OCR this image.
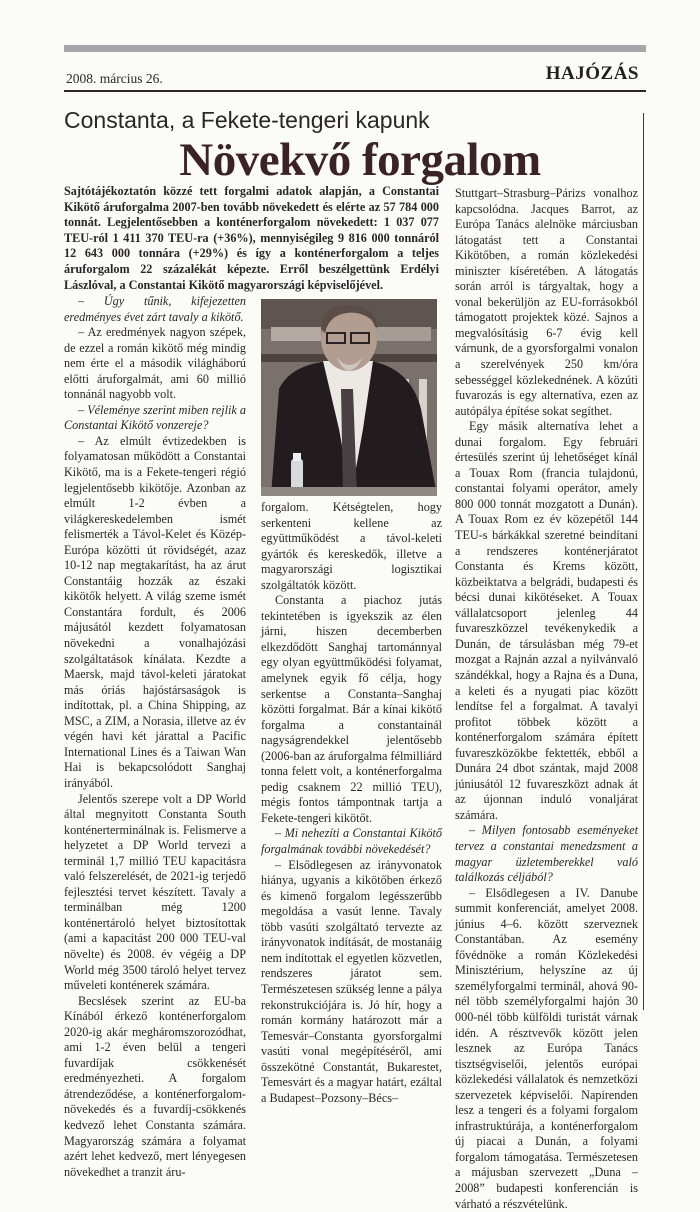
2008. március 26.	HAJÓZÁS
Constanta, a Fekete-tengeri kapunk
Növekvő forgalom
Sajtótájékoztatón közzé tett forgalmi adatok alapján, a Constantai Kikötő áruforgalma 2007-ben tovább növekedett és elérte az 57 784 000 tonnát. Legjelentősebben a konténerforgalom növekedett: 1 037 077 TEU-ról 1 411 370 TEU-ra (+36%), mennyiségileg 9 816 000 tonnáról 12 643 000 tonnára (+29%) és így a konténerforgalom a teljes áruforgalom 22 százalékát képezte. Erről beszélgettünk Erdélyi Lászlóval, a Constantai Kikötő magyarországi képviselőjével.

– Úgy tűnik, kifejezetten eredményes évet zárt tavaly a kikötő.

– Az eredmények nagyon szépek, de ezzel a román kikötő még mindig nem érte el a második világháború előtti áruforgalmát, ami 60 millió tonnánál nagyobb volt.

– Véleménye szerint miben rejlik a Constantai Kikötő vonzereje?

– Az elmúlt évtizedekben is folyamatosan működött a Constantai Kikötő, ma is a Fekete-tengeri régió legjelentősebb kikötője. Azonban az elmúlt 1-2 évben a világkereskedelemben ismét felismerték a Távol-Kelet és Közép-Európa közötti út rövidségét, azaz 10-12 nap megtakarítást, ha az árut Constantáig hozzák az északi kikötők helyett. A világ szeme ismét Constantára fordult, és 2006 májusától kezdett folyamatosan növekedni a vonalhajózási szolgáltatások kínálata. Kezdte a Maersk, majd távol-keleti járatokat más óriás hajóstársaságok is indítottak, pl. a China Shipping, az MSC, a ZIM, a Norasia, illetve az év végén havi két járattal a Pacific International Lines és a Taiwan Wan Hai is bekapcsolódott Sanghaj irányából.

Jelentős szerepe volt a DP World által megnyitott Constanta South konténerterminálnak is. Felismerve a helyzetet a DP World tervezi a terminál 1,7 millió TEU kapacitásra való felszerelését, de 2021-ig terjedő fejlesztési tervet készített. Tavaly a terminálban még 1200 konténertároló helyet biztosítottak (ami a kapacitást 200 000 TEU-val növelte) és 2008. év végéig a DP World még 3500 tároló helyet tervez műveleti konténerek számára.

Becslések szerint az EU-ba Kínából érkező konténerforgalom 2020-ig akár megháromszorozódhat, ami 1-2 éven belül a tengeri fuvardíjak csökkenését eredményezheti. A forgalom átrendeződése, a konténerforgalom-növekedés és a fuvardíj-csökkenés kedvező lehet Constanta számára. Magyarország számára a folyamat azért lehet kedvező, mert lényegesen növekedhet a tranzit áru-

forgalom. Kétségtelen, hogy serkenteni kellene az együttműködést a távol-keleti gyártók és kereskedők, illetve a magyarországi logisztikai szolgáltatók között.

Constanta a piachoz jutás tekintetében is igyekszik az élen járni, hiszen decemberben elkezdődött Sanghaj tartománnyal egy olyan együttműködési folyamat, amelynek egyik fő célja, hogy serkentse a Constanta–Sanghaj közötti forgalmat. Bár a kínai kikötő forgalma a constantainál nagyságrendekkel jelentősebb (2006-ban az áruforgalma félmilliárd tonna felett volt, a konténerforgalma pedig csaknem 22 millió TEU), mégis fontos támpontnak tartja a Fekete-tengeri kikötőt.

– Mi nehezíti a Constantai Kikötő forgalmának további növekedését?

– Elsődlegesen az irányvonatok hiánya, ugyanis a kikötőben érkező és kimenő forgalom legésszerűbb megoldása a vasút lenne. Tavaly több vasúti szolgáltató tervezte az irányvonatok indítását, de mostanáig nem indítottak el egyetlen közvetlen, rendszeres járatot sem. Természetesen szükség lenne a pálya rekonstrukciójára is. Jó hír, hogy a román kormány határozott már a Temesvár–Constanta gyorsforgalmi vasúti vonal megépítéséről, ami összekötné Constantát, Bukarestet, Temesvárt és a magyar határt, ezáltal a Budapest–Pozsony–Bécs–

Stuttgart–Strasburg–Párizs vonalhoz kapcsolódna. Jacques Barrot, az Európa Tanács alelnöke márciusban látogatást tett a Constantai Kikötőben, a román közlekedési miniszter kíséretében. A látogatás során arról is tárgyaltak, hogy a vonal bekerüljön az EU-forrásokból támogatott projektek közé. Sajnos a megvalósításig 6-7 évig kell várnunk, de a gyorsforgalmi vonalon a szerelvények 250 km/óra sebességgel közlekednének. A közúti fuvarozás is egy alternatíva, ezen az autópálya építése sokat segíthet.

Egy másik alternatíva lehet a dunai forgalom. Egy februári értesülés szerint új lehetőséget kínál a Touax Rom (francia tulajdonú, constantai folyami operátor, amely 800 000 tonnát mozgatott a Dunán). A Touax Rom ez év közepétől 144 TEU-s bárkákkal szeretné beindítani a rendszeres konténerjáratot Constanta és Krems között, közbeiktatva a belgrádi, budapesti és bécsi dunai kikötéseket. A Touax vállalatcsoport jelenleg 44 fuvareszközzel tevékenykedik a Dunán, de társulásban még 79-et mozgat a Rajnán azzal a nyilvánvaló szándékkal, hogy a Rajna és a Duna, a keleti és a nyugati piac között lendítse fel a forgalmat. A tavalyi profitot többek között a konténerforgalom számára épített fuvareszközökbe fektették, ebből a Dunára 24 dbot szántak, majd 2008 júniusától 12 fuvareszközt adnak át az újonnan induló vonaljárat számára.

– Milyen fontosabb eseményeket tervez a constantai menedzsment a magyar üzletemberekkel való találkozás céljából?

– Elsődlegesen a IV. Danube summit konferenciát, amelyet 2008. június 4–6. között szerveznek Constantában. Az esemény fővédnöke a román Közlekedési Minisztérium, helyszíne az új személyforgalmi terminál, ahová 90-nél több személyforgalmi hajón 30 000-nél több külföldi turistát várnak idén. A résztvevők között jelen lesznek az Európa Tanács tisztségviselői, jelentős európai közlekedési vállalatok és nemzetközi szervezetek képviselői. Napirenden lesz a tengeri és a folyami forgalom infrastruktúrája, a konténerforgalom új piacai a Dunán, a folyami forgalom támogatása. Természetesen a májusban szervezett „Duna – 2008” budapesti konferencián is várható a részvételünk.
